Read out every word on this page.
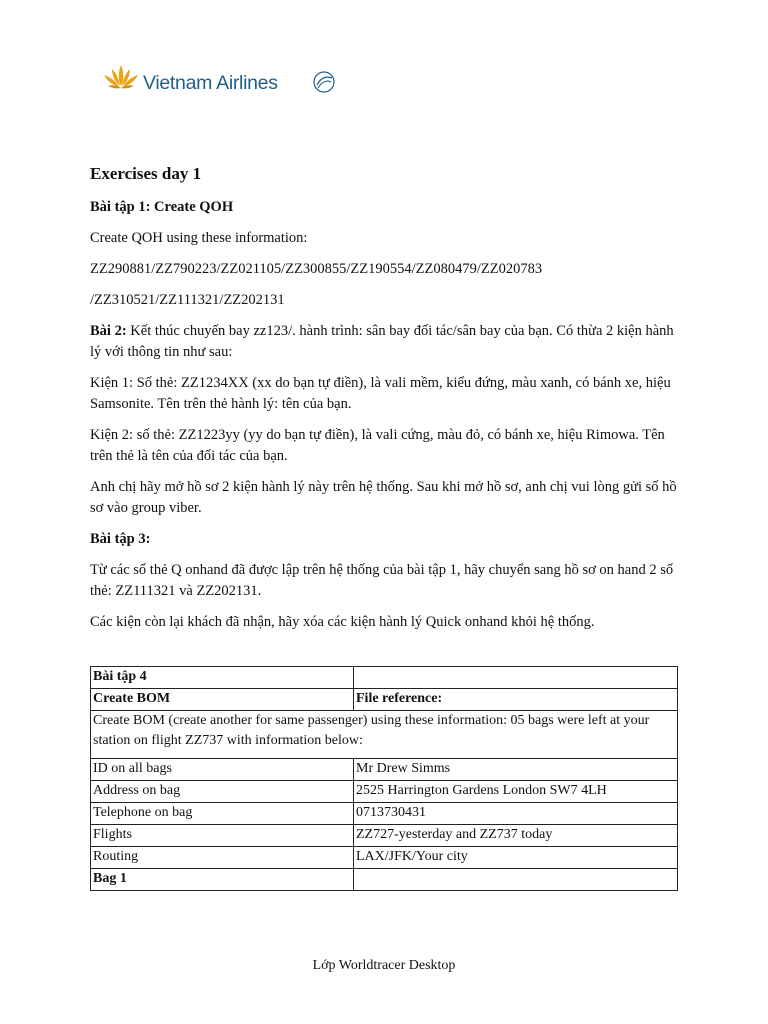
Vietnam Airlines
Exercises day 1
Bài tập 1: Create QOH
Create QOH using these information:
ZZ290881/ZZ790223/ZZ021105/ZZ300855/ZZ190554/ZZ080479/ZZ020783
/ZZ310521/ZZ111321/ZZ202131
Bài 2: Kết thúc chuyến bay zz123/. hành trình: sân bay đối tác/sân bay của bạn. Có thừa 2 kiện hành lý với thông tin như sau:
Kiện 1: Số thẻ: ZZ1234XX (xx do bạn tự điền), là vali mềm, kiểu đứng, màu xanh, có bánh xe, hiệu Samsonite. Tên trên thẻ hành lý: tên của bạn.
Kiện 2: số thẻ: ZZ1223yy (yy do bạn tự điền), là vali cứng, màu đỏ, có bánh xe, hiệu Rimowa. Tên trên thẻ là tên của đối tác của bạn.
Anh chị hãy mở hồ sơ 2 kiện hành lý này trên hệ thống. Sau khi mở hồ sơ, anh chị vui lòng gửi số hồ sơ vào group viber.
Bài tập 3:
Từ các số thẻ Q onhand đã được lập trên hệ thống của bài tập 1, hãy chuyển sang hồ sơ on hand 2 số thẻ: ZZ111321 và ZZ202131.
Các kiện còn lại khách đã nhận, hãy xóa các kiện hành lý Quick onhand khỏi hệ thống.
Bài tập 4	
Create BOM	File reference:
Create BOM (create another for same passenger) using these information: 05 bags were left at your station on flight ZZ737 with information below:	
ID on all bags	Mr Drew Simms
Address on bag	2525 Harrington Gardens London SW7 4LH
Telephone on bag	0713730431
Flights	ZZ727-yesterday and ZZ737 today
Routing	LAX/JFK/Your city
Bag 1	
Lớp Worldtracer Desktop
